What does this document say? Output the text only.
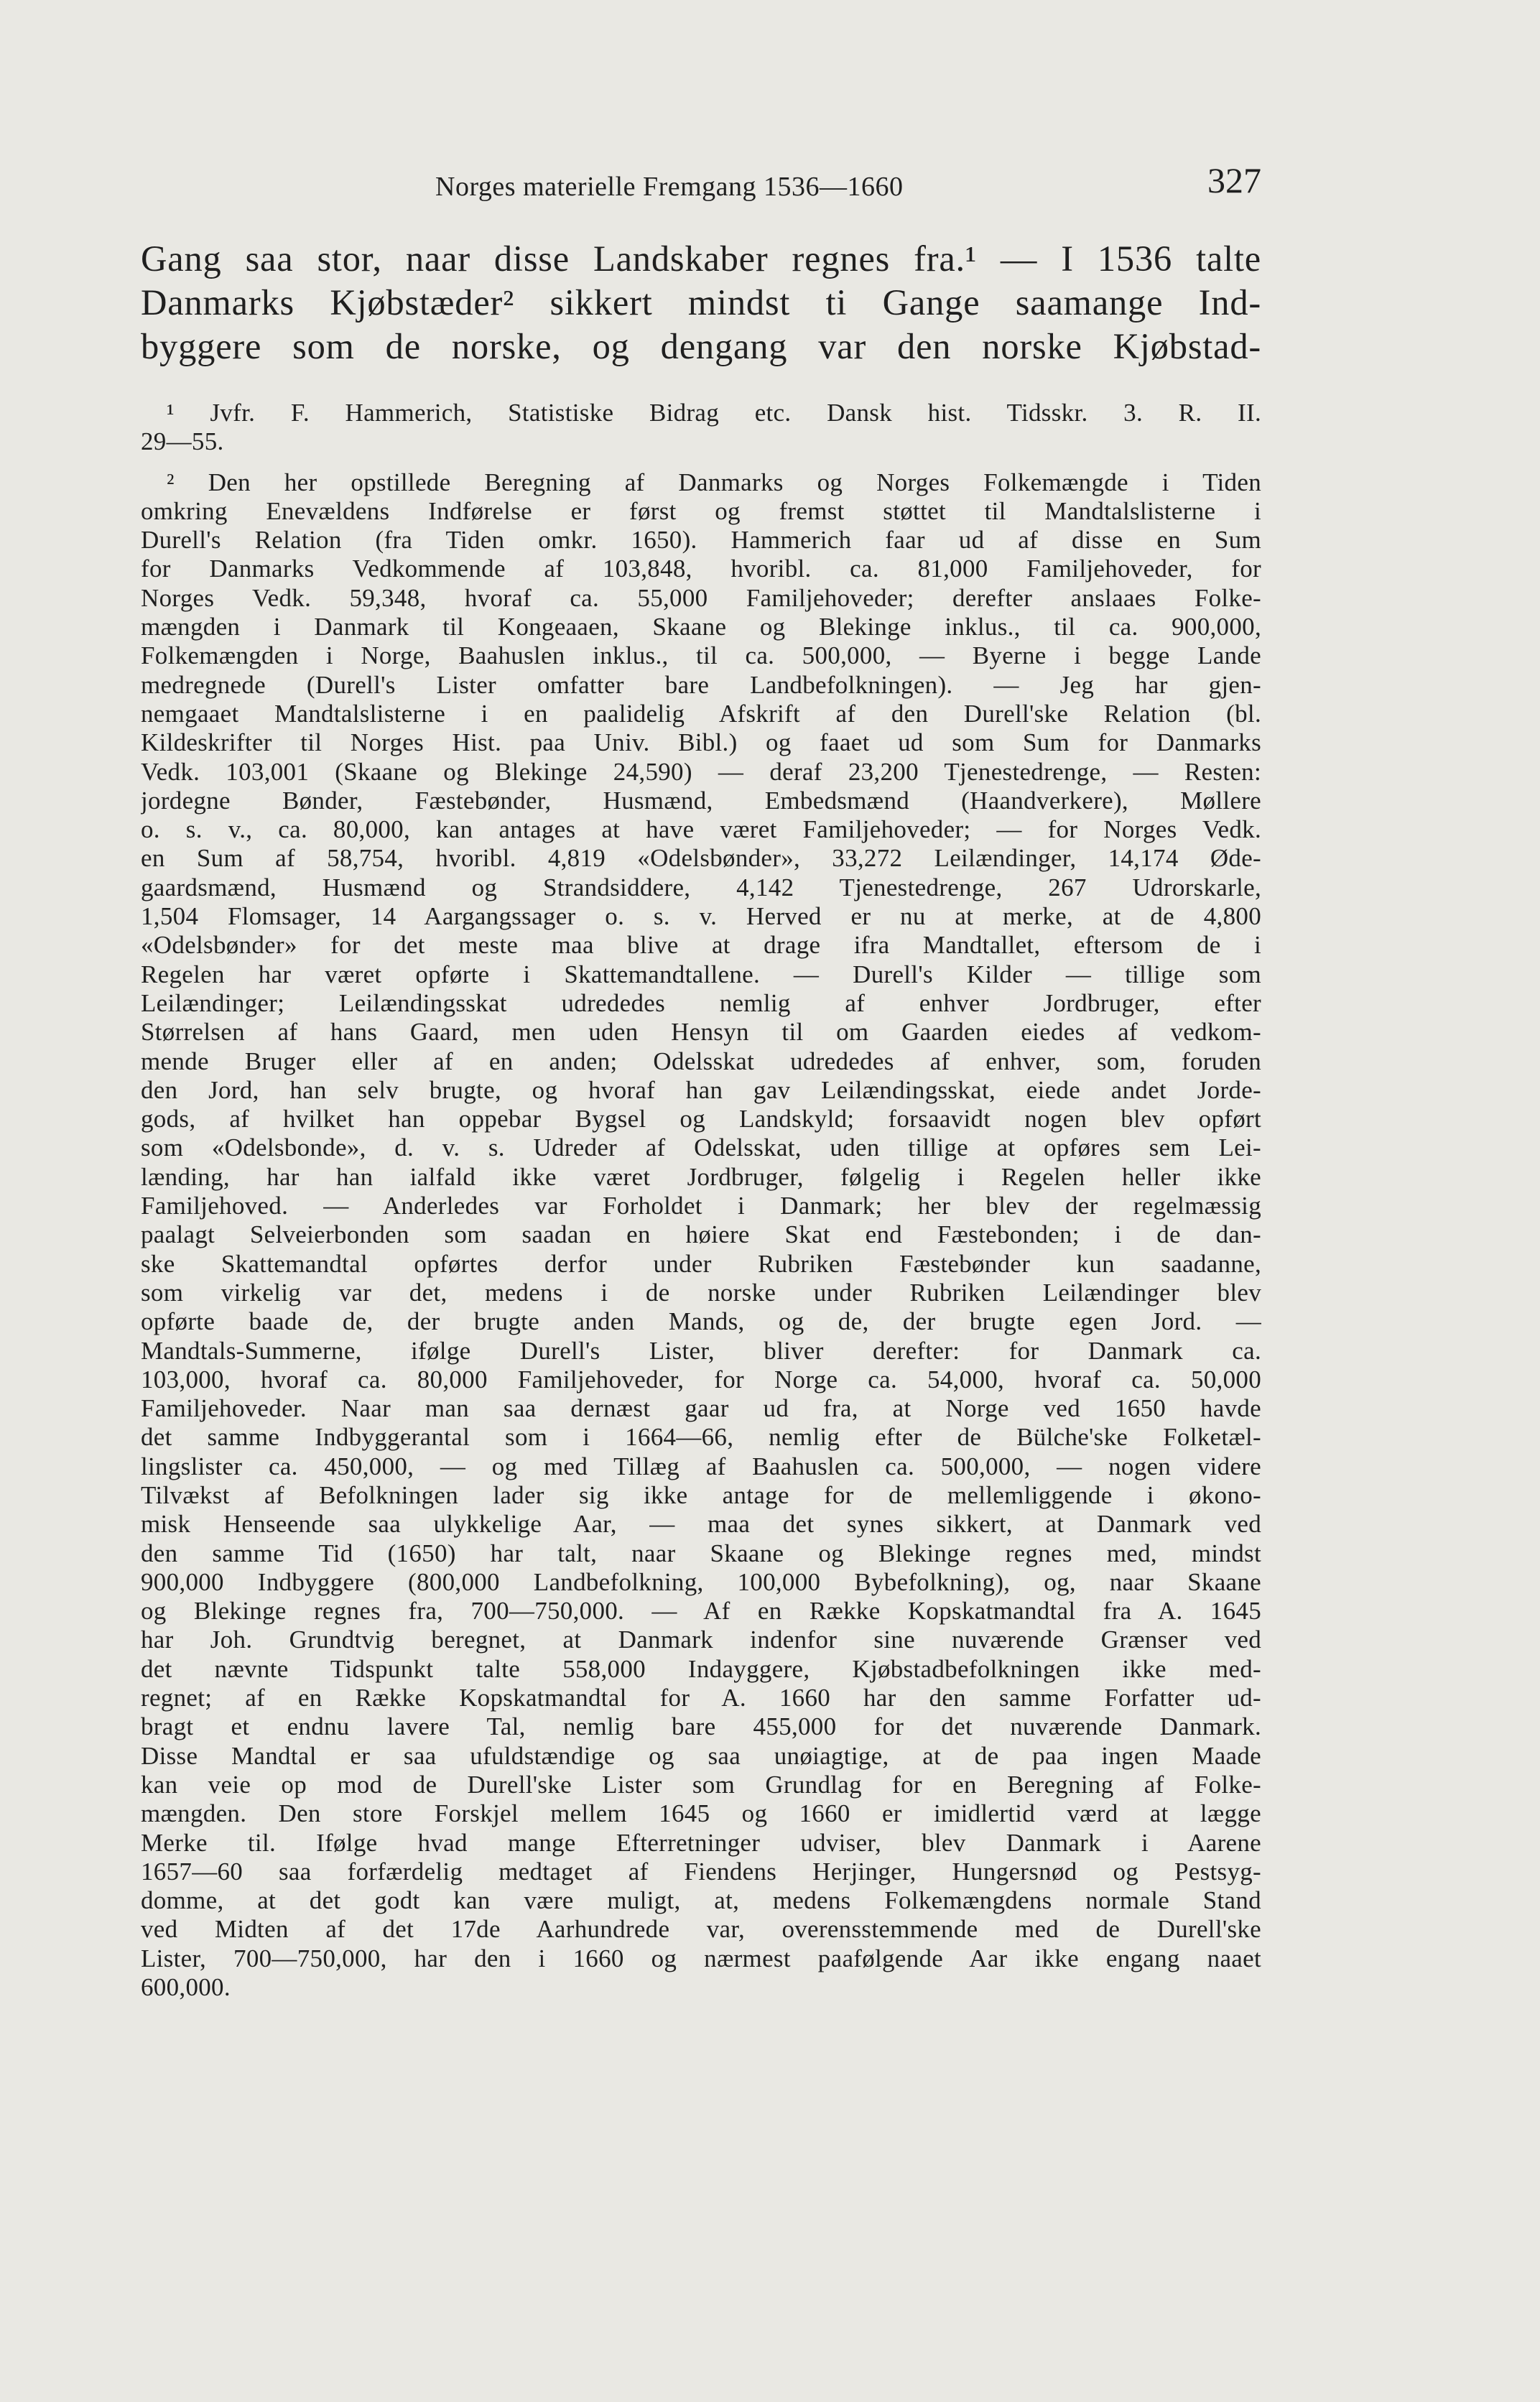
Norges materielle Fremgang 1536—1660	327
Gang saa stor, naar disse Landskaber regnes fra.¹ — I 1536 talte
Danmarks Kjøbstæder² sikkert mindst ti Gange saamange Ind-
byggere som de norske, og dengang var den norske Kjøbstad-
¹ Jvfr. F. Hammerich, Statistiske Bidrag etc. Dansk hist. Tidsskr. 3. R. II.
29—55.
² Den her opstillede Beregning af Danmarks og Norges Folkemængde i Tiden
omkring Enevældens Indførelse er først og fremst støttet til Mandtalslisterne i
Durell's Relation (fra Tiden omkr. 1650). Hammerich faar ud af disse en Sum
for Danmarks Vedkommende af 103,848, hvoribl. ca. 81,000 Familjehoveder, for
Norges Vedk. 59,348, hvoraf ca. 55,000 Familjehoveder; derefter anslaaes Folke-
mængden i Danmark til Kongeaaen, Skaane og Blekinge inklus., til ca. 900,000,
Folkemængden i Norge, Baahuslen inklus., til ca. 500,000, — Byerne i begge Lande
medregnede (Durell's Lister omfatter bare Landbefolkningen). — Jeg har gjen-
nemgaaet Mandtalslisterne i en paalidelig Afskrift af den Durell'ske Relation (bl.
Kildeskrifter til Norges Hist. paa Univ. Bibl.) og faaet ud som Sum for Danmarks
Vedk. 103,001 (Skaane og Blekinge 24,590) — deraf 23,200 Tjenestedrenge, — Resten:
jordegne Bønder, Fæstebønder, Husmænd, Embedsmænd (Haandverkere), Møllere
o. s. v., ca. 80,000, kan antages at have været Familjehoveder; — for Norges Vedk.
en Sum af 58,754, hvoribl. 4,819 «Odelsbønder», 33,272 Leilændinger, 14,174 Øde-
gaardsmænd, Husmænd og Strandsiddere, 4,142 Tjenestedrenge, 267 Udrorskarle,
1,504 Flomsager, 14 Aargangssager o. s. v. Herved er nu at merke, at de 4,800
«Odelsbønder» for det meste maa blive at drage ifra Mandtallet, eftersom de i
Regelen har været opførte i Skattemandtallene. — Durell's Kilder — tillige som
Leilændinger; Leilændingsskat udrededes nemlig af enhver Jordbruger, efter
Størrelsen af hans Gaard, men uden Hensyn til om Gaarden eiedes af vedkom-
mende Bruger eller af en anden; Odelsskat udrededes af enhver, som, foruden
den Jord, han selv brugte, og hvoraf han gav Leilændingsskat, eiede andet Jorde-
gods, af hvilket han oppebar Bygsel og Landskyld; forsaavidt nogen blev opført
som «Odelsbonde», d. v. s. Udreder af Odelsskat, uden tillige at opføres sem Lei-
lænding, har han ialfald ikke været Jordbruger, følgelig i Regelen heller ikke
Familjehoved. — Anderledes var Forholdet i Danmark; her blev der regelmæssig
paalagt Selveierbonden som saadan en høiere Skat end Fæstebonden; i de dan-
ske Skattemandtal opførtes derfor under Rubriken Fæstebønder kun saadanne,
som virkelig var det, medens i de norske under Rubriken Leilændinger blev
opførte baade de, der brugte anden Mands, og de, der brugte egen Jord. —
Mandtals-Summerne, ifølge Durell's Lister, bliver derefter: for Danmark ca.
103,000, hvoraf ca. 80,000 Familjehoveder, for Norge ca. 54,000, hvoraf ca. 50,000
Familjehoveder. Naar man saa dernæst gaar ud fra, at Norge ved 1650 havde
det samme Indbyggerantal som i 1664—66, nemlig efter de Bülche'ske Folketæl-
lingslister ca. 450,000, — og med Tillæg af Baahuslen ca. 500,000, — nogen videre
Tilvækst af Befolkningen lader sig ikke antage for de mellemliggende i økono-
misk Henseende saa ulykkelige Aar, — maa det synes sikkert, at Danmark ved
den samme Tid (1650) har talt, naar Skaane og Blekinge regnes med, mindst
900,000 Indbyggere (800,000 Landbefolkning, 100,000 Bybefolkning), og, naar Skaane
og Blekinge regnes fra, 700—750,000. — Af en Række Kopskatmandtal fra A. 1645
har Joh. Grundtvig beregnet, at Danmark indenfor sine nuværende Grænser ved
det nævnte Tidspunkt talte 558,000 Indayggere, Kjøbstadbefolkningen ikke med-
regnet; af en Række Kopskatmandtal for A. 1660 har den samme Forfatter ud-
bragt et endnu lavere Tal, nemlig bare 455,000 for det nuværende Danmark.
Disse Mandtal er saa ufuldstændige og saa unøiagtige, at de paa ingen Maade
kan veie op mod de Durell'ske Lister som Grundlag for en Beregning af Folke-
mængden. Den store Forskjel mellem 1645 og 1660 er imidlertid værd at lægge
Merke til. Ifølge hvad mange Efterretninger udviser, blev Danmark i Aarene
1657—60 saa forfærdelig medtaget af Fiendens Herjinger, Hungersnød og Pestsyg-
domme, at det godt kan være muligt, at, medens Folkemængdens normale Stand
ved Midten af det 17de Aarhundrede var, overensstemmende med de Durell'ske
Lister, 700—750,000, har den i 1660 og nærmest paafølgende Aar ikke engang naaet
600,000.
